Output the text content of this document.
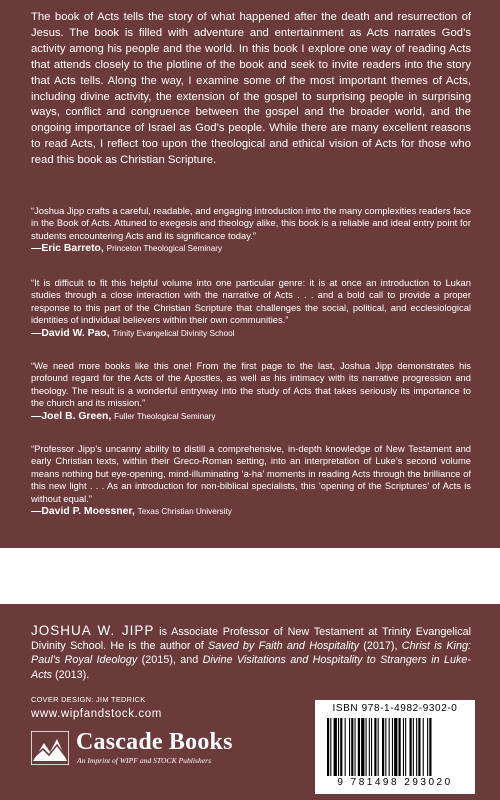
The book of Acts tells the story of what happened after the death and resurrection of Jesus. The book is filled with adventure and entertainment as Acts narrates God’s activity among his people and the world. In this book I explore one way of reading Acts that attends closely to the plotline of the book and seek to invite readers into the story that Acts tells. Along the way, I examine some of the most important themes of Acts, including divine activity, the extension of the gospel to surprising people in surprising ways, conflict and congruence between the gospel and the broader world, and the ongoing importance of Israel as God’s people. While there are many excellent reasons to read Acts, I reflect too upon the theological and ethical vision of Acts for those who read this book as Christian Scripture.
“Joshua Jipp crafts a careful, readable, and engaging introduction into the many complexities readers face in the Book of Acts. Attuned to exegesis and theology alike, this book is a reliable and ideal entry point for students encountering Acts and its significance today.”
—Eric Barreto, Princeton Theological Seminary
“It is difficult to fit this helpful volume into one particular genre: it is at once an introduction to Lukan studies through a close interaction with the narrative of Acts . . . and a bold call to provide a proper response to this part of the Christian Scripture that challenges the social, political, and ecclesiological identities of individual believers within their own communities.”
—David W. Pao, Trinity Evangelical Divinity School
“We need more books like this one! From the first page to the last, Joshua Jipp demonstrates his profound regard for the Acts of the Apostles, as well as his intimacy with its narrative progression and theology. The result is a wonderful entryway into the study of Acts that takes seriously its importance to the church and its mission.”
—Joel B. Green, Fuller Theological Seminary
“Professor Jipp’s uncanny ability to distill a comprehensive, in-depth knowledge of New Testament and early Christian texts, within their Greco-Roman setting, into an interpretation of Luke’s second volume means nothing but eye-opening, mind-illuminating ‘a-ha’ moments in reading Acts through the brilliance of this new light . . . As an introduction for non-biblical specialists, this ‘opening of the Scriptures’ of Acts is without equal.”
—David P. Moessner, Texas Christian University
JOSHUA W. JIPP is Associate Professor of New Testament at Trinity Evangelical Divinity School. He is the author of Saved by Faith and Hospitality (2017), Christ is King: Paul’s Royal Ideology (2015), and Divine Visitations and Hospitality to Strangers in Luke-Acts (2013).
COVER DESIGN: JIM TEDRICK
www.wipfandstock.com
Cascade Books
An Imprint of WIPF and STOCK Publishers
ISBN 978-1-4982-9302-0
9 781498 293020
